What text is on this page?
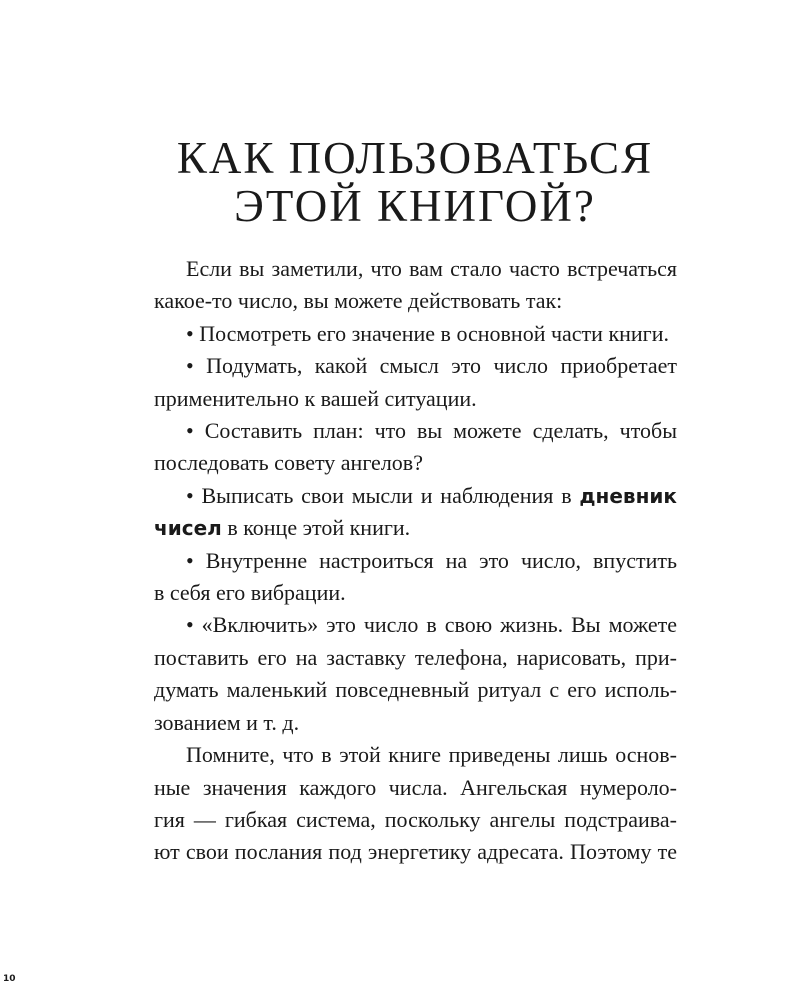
КАК ПОЛЬЗОВАТЬСЯ
ЭТОЙ КНИГОЙ?
Если вы заметили, что вам стало часто встречаться
какое-то число, вы можете действовать так:
• Посмотреть его значение в основной части книги.
• Подумать, какой смысл это число приобретает
применительно к вашей ситуации.
• Составить план: что вы можете сделать, чтобы
последовать совету ангелов?
• Выписать свои мысли и наблюдения в дневник
чисел в конце этой книги.
• Внутренне настроиться на это число, впустить
в себя его вибрации.
• «Включить» это число в свою жизнь. Вы можете
поставить его на заставку телефона, нарисовать, при-
думать маленький повседневный ритуал с его исполь-
зованием и т. д.
Помните, что в этой книге приведены лишь основ-
ные значения каждого числа. Ангельская нумероло-
гия — гибкая система, поскольку ангелы подстраива-
ют свои послания под энергетику адресата. Поэтому те
10
